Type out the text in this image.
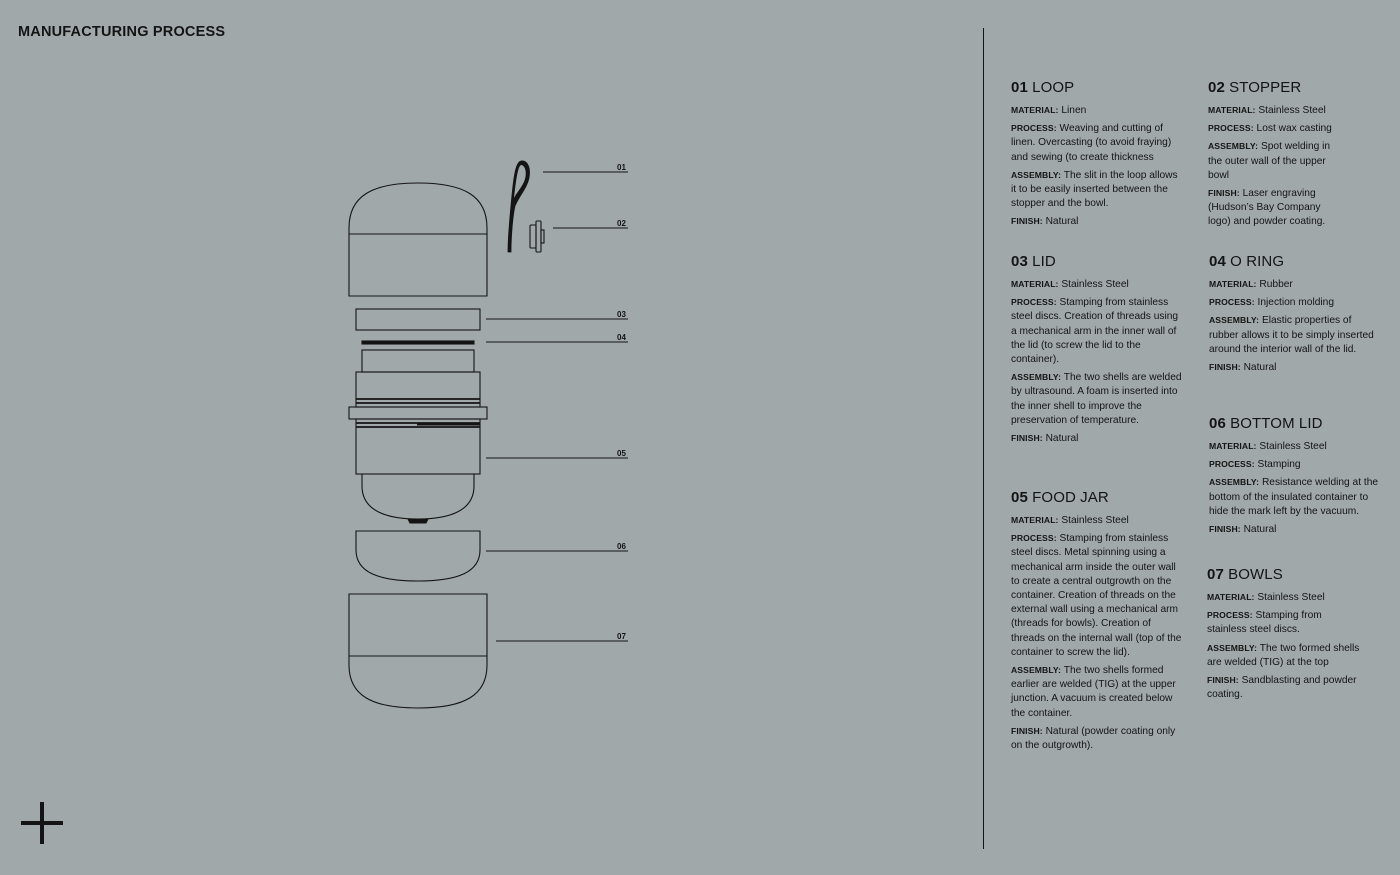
MANUFACTURING PROCESS
01
02
03
04
05
06
07
01 LOOP

MATERIAL: Linen

PROCESS: Weaving and cutting of linen. Overcasting (to avoid fraying) and sewing (to create thickness

ASSEMBLY: The slit in the loop allows it to be easily inserted between the stopper and the bowl.

FINISH: Natural

02 STOPPER

MATERIAL: Stainless Steel

PROCESS: Lost wax casting

ASSEMBLY: Spot welding in the outer wall of the upper bowl

FINISH: Laser engraving (Hudson’s Bay Company logo) and powder coating.

03 LID

MATERIAL: Stainless Steel

PROCESS: Stamping from stainless steel discs. Creation of threads using a mechanical arm in the inner wall of the lid (to screw the lid to the container).

ASSEMBLY: The two shells are welded by ultrasound. A foam is inserted into the inner shell to improve the preservation of temperature.

FINISH: Natural

04 O RING

MATERIAL: Rubber

PROCESS: Injection molding

ASSEMBLY: Elastic properties of rubber allows it to be simply inserted around the interior wall of the lid.

FINISH: Natural

05 FOOD JAR

MATERIAL: Stainless Steel

PROCESS: Stamping from stainless steel discs. Metal spinning using a mechanical arm inside the outer wall to create a central outgrowth on the container. Creation of threads on the external wall using a mechanical arm (threads for bowls). Creation of threads on the internal wall (top of the container to screw the lid).

ASSEMBLY: The two shells formed earlier are welded (TIG) at the upper junction. A vacuum is created below the container.

FINISH: Natural (powder coating only on the outgrowth).

06 BOTTOM LID

MATERIAL: Stainless Steel

PROCESS: Stamping

ASSEMBLY: Resistance welding at the bottom of the insulated container to hide the mark left by the vacuum.

FINISH: Natural

07 BOWLS

MATERIAL: Stainless Steel

PROCESS: Stamping from stainless steel discs.

ASSEMBLY: The two formed shells are welded (TIG) at the top

FINISH: Sandblasting and powder coating.
